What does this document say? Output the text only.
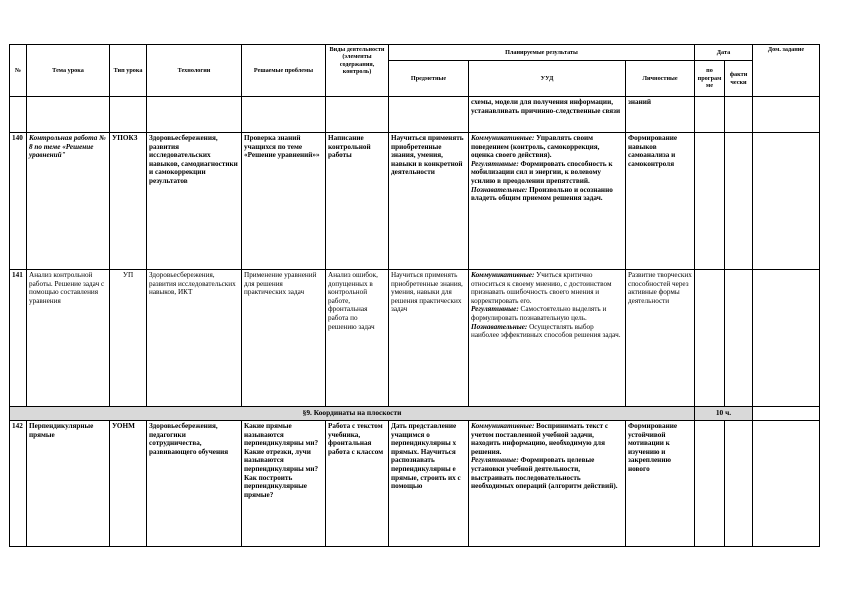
№	Тема урока	Тип урока	Технологии	Решаемые проблемы	Виды деятельности (элементы содержания, контроль)	Планируемые результаты			Дата		Дом. задание
						Предметные	УУД	Личностные	по програм ме	факти чески	
							схемы, модели для получения информации, устанавливать причинно-следственные связи	знаний			
140	Контрольная работа № 8 по теме «Решение уравнений"	УПОКЗ	Здоровьесбережения, развития исследовательских навыков, самодиагностики и самокоррекции результатов	Проверка знаний учащихся по теме «Решение уравнений»»	Написание контрольной работы	Научиться применять приобретенные знания, умения, навыки в конкретной деятельности	Коммуникативные: Управлять своим поведением (контроль, самокоррекция, оценка своего действия).
Регулятивные: Формировать способность к мобилизации сил и энергии, к волевому усилию в преодолении препятствий.
Познавательные: Произвольно и осознанно владеть общим приемом решения задач.	Формирование навыков самоанализа и самоконтроля			
141	Анализ контрольной работы. Решение задач с помощью составления уравнения	УП	Здоровьесбережения, развития исследовательских навыков, ИКТ	Применение уравнений для решения практических задач	Анализ ошибок, допущенных в контрольной работе, фронтальная работа по решению задач	Научиться применять приобретенные знания, умения, навыки для решения практических задач	Коммуникативные: Учиться критично относиться к своему мнению, с достоинством признавать ошибочность своего мнения и корректировать его.
Регулятивные: Самостоятельно выделять и формулировать познавательную цель.
Познавательные: Осуществлять выбор наиболее эффективных способов решения задач.	Развитие творческих способностей через активные формы деятельности			
§9. Координаты на плоскости									10 ч.		
142	Перпендикулярные прямые	УОНМ	Здоровьесбережения, педагогики сотрудничества, развивающего обучения	Какие прямые называются перпендикулярны ми? Какие отрезки, лучи называются перпендикулярны ми? Как построить перпендикулярные прямые?	Работа с текстом учебника, фронтальная работа с классом	Дать представление учащимся о перпендикулярны х прямых. Научиться распознавать перпендикулярны е прямые, строить их с помощью	Коммуникативные: Воспринимать текст с учетом поставленной учебной задачи, находить информацию, необходимую для решения.
Регулятивные: Формировать целевые установки учебной деятельности, выстраивать последовательность необходимых операций (алгоритм действий).	Формирование устойчивой мотивации к изучению и закреплению нового			
